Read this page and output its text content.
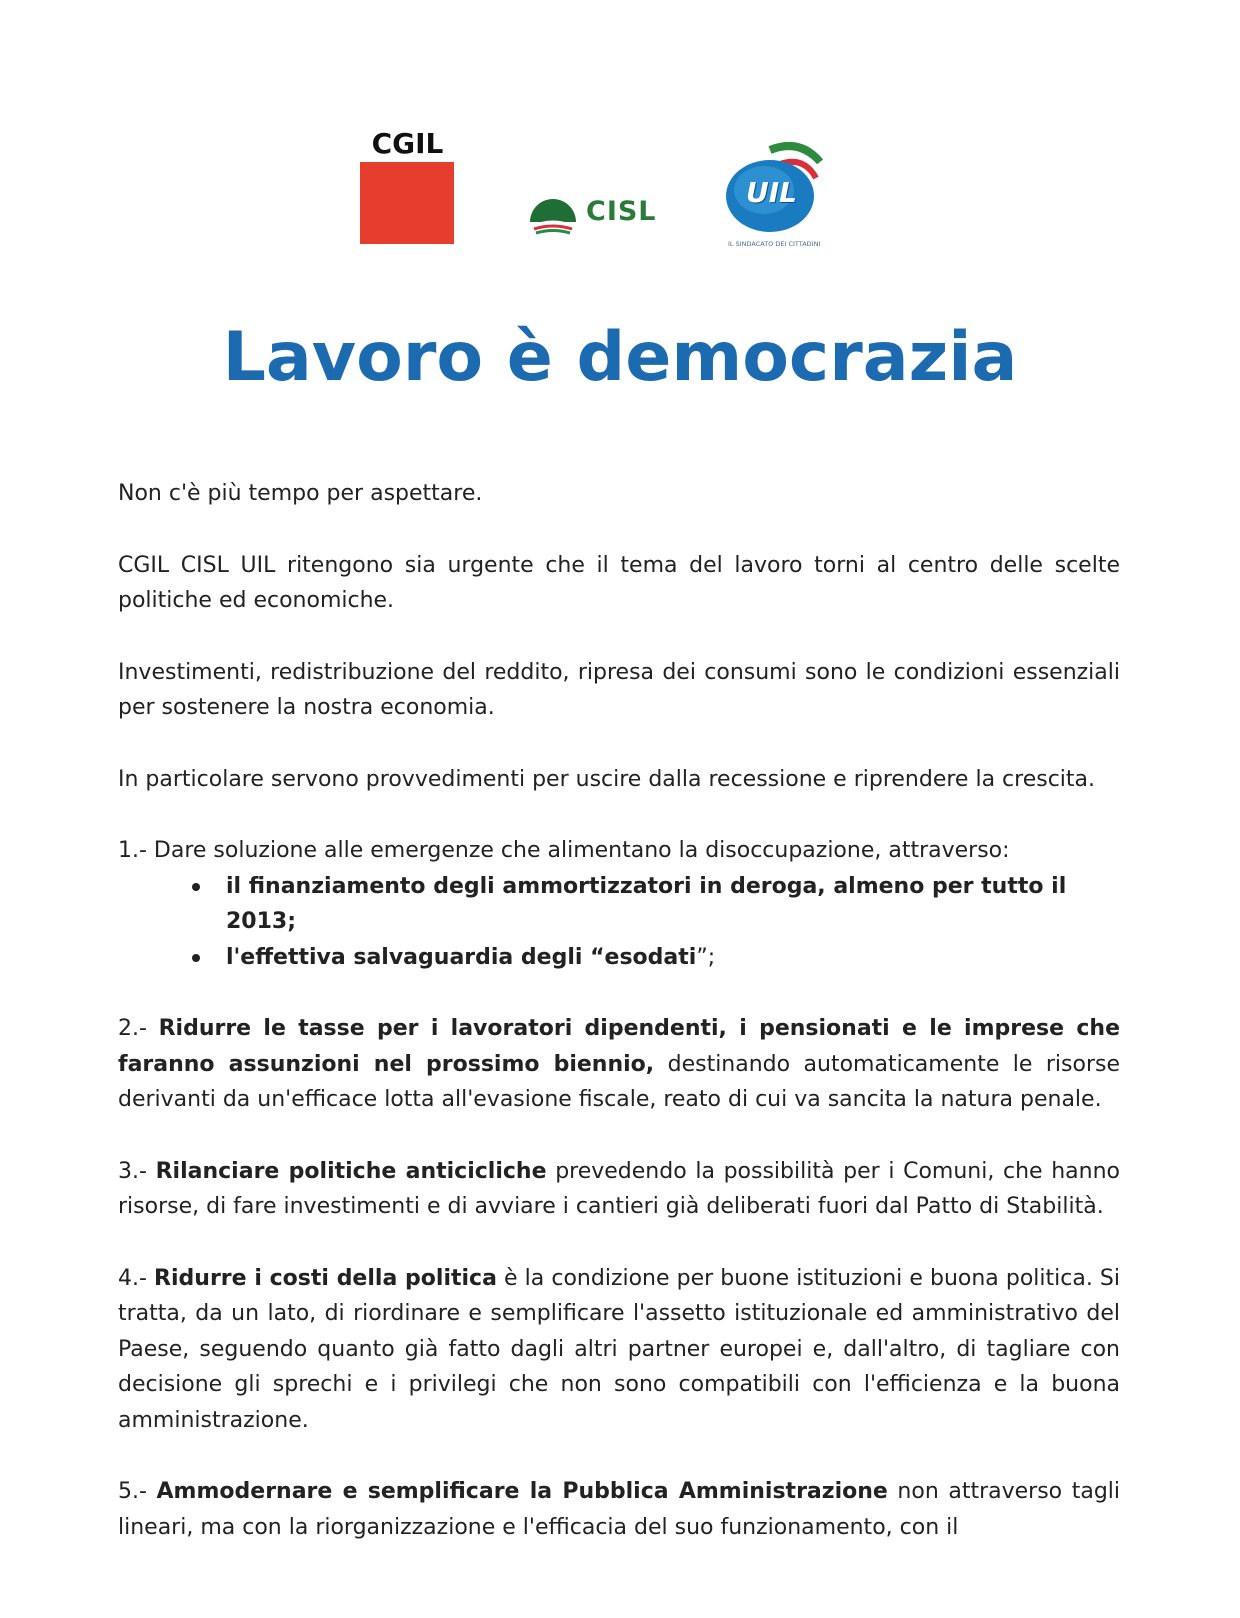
CGIL
CISL
UIL
IL SINDACATO DEI CITTADINI
Lavoro è democrazia

Non c'è più tempo per aspettare.

CGIL CISL UIL ritengono sia urgente che il tema del lavoro torni al centro delle scelte politiche ed economiche.

Investimenti, redistribuzione del reddito, ripresa dei consumi sono le condizioni essenziali per sostenere la nostra economia.

In particolare servono provvedimenti per uscire dalla recessione e riprendere la crescita.

1.- Dare soluzione alle emergenze che alimentano la disoccupazione, attraverso:

il finanziamento degli ammortizzatori in deroga, almeno per tutto il 2013;
l'effettiva salvaguardia degli “esodati”;

2.- Ridurre le tasse per i lavoratori dipendenti, i pensionati e le imprese che faranno assunzioni nel prossimo biennio, destinando automaticamente le risorse derivanti da un'efficace lotta all'evasione fiscale, reato di cui va sancita la natura penale.

3.- Rilanciare politiche anticicliche prevedendo la possibilità per i Comuni, che hanno risorse, di fare investimenti e di avviare i cantieri già deliberati fuori dal Patto di Stabilità.

4.- Ridurre i costi della politica è la condizione per buone istituzioni e buona politica. Si tratta, da un lato, di riordinare e semplificare l'assetto istituzionale ed amministrativo del Paese, seguendo quanto già fatto dagli altri partner europei e, dall'altro, di tagliare con decisione gli sprechi e i privilegi che non sono compatibili con l'efficienza e la buona amministrazione.

5.- Ammodernare e semplificare la Pubblica Amministrazione non attraverso tagli lineari, ma con la riorganizzazione e l'efficacia del suo funzionamento, con il
